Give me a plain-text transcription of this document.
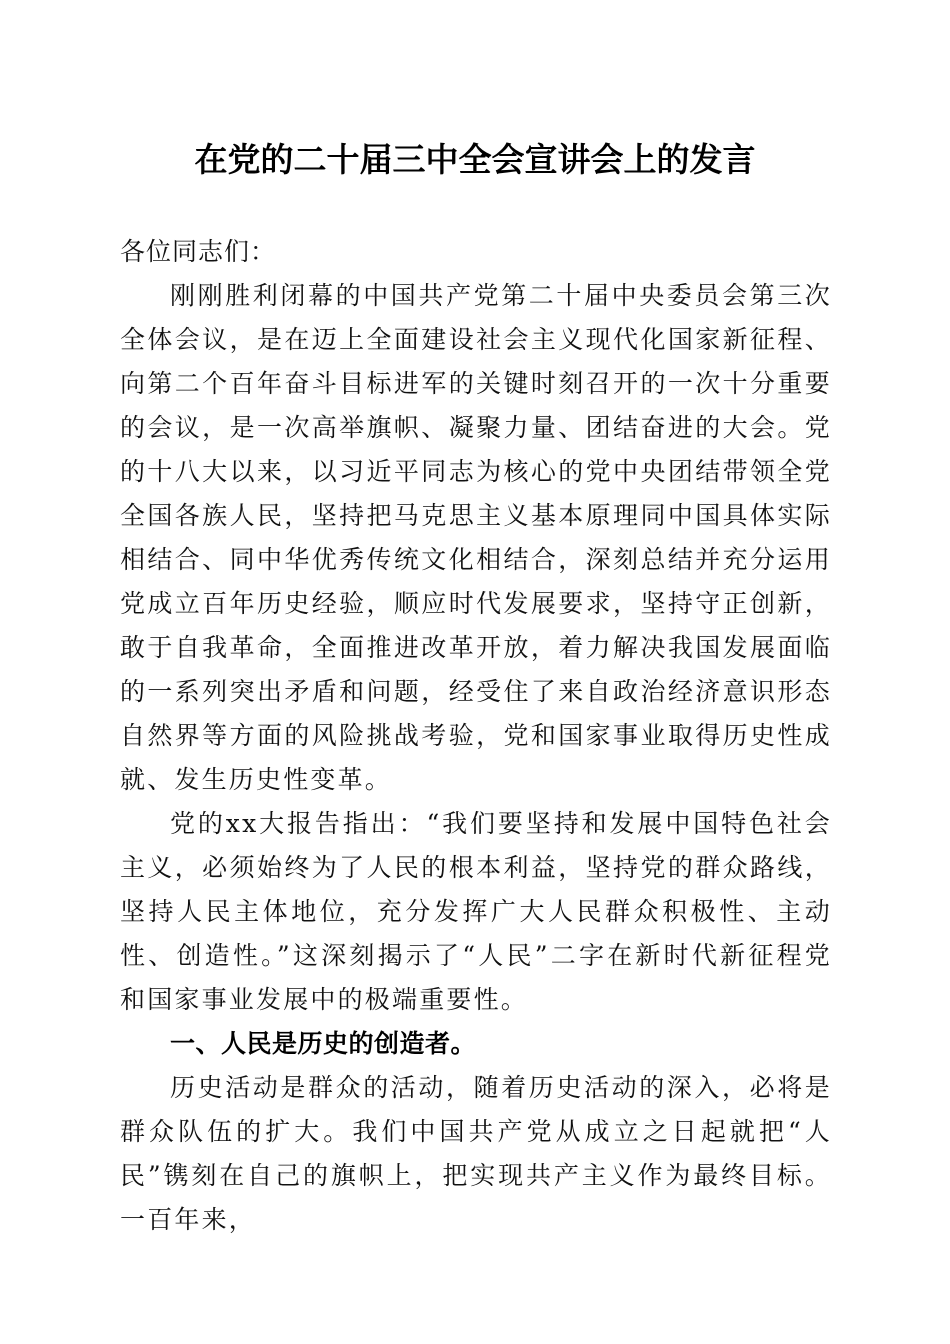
在党的二十届三中全会宣讲会上的发言

各位同志们：

刚刚胜利闭幕的中国共产党第二十届中央委员会第三次全体会议，是在迈上全面建设社会主义现代化国家新征程、向第二个百年奋斗目标进军的关键时刻召开的一次十分重要的会议，是一次高举旗帜、凝聚力量、团结奋进的大会。党的十八大以来，以习近平同志为核心的党中央团结带领全党全国各族人民，坚持把马克思主义基本原理同中国具体实际相结合、同中华优秀传统文化相结合，深刻总结并充分运用党成立百年历史经验，顺应时代发展要求，坚持守正创新，敢于自我革命，全面推进改革开放，着力解决我国发展面临的一系列突出矛盾和问题，经受住了来自政治经济意识形态自然界等方面的风险挑战考验，党和国家事业取得历史性成就、发生历史性变革。

党的xx大报告指出：“我们要坚持和发展中国特色社会主义，必须始终为了人民的根本利益，坚持党的群众路线，坚持人民主体地位，充分发挥广大人民群众积极性、主动性、创造性。”这深刻揭示了“人民”二字在新时代新征程党和国家事业发展中的极端重要性。

一、人民是历史的创造者。

历史活动是群众的活动，随着历史活动的深入，必将是群众队伍的扩大。我们中国共产党从成立之日起就把“人民”镌刻在自己的旗帜上，把实现共产主义作为最终目标。一百年来，
